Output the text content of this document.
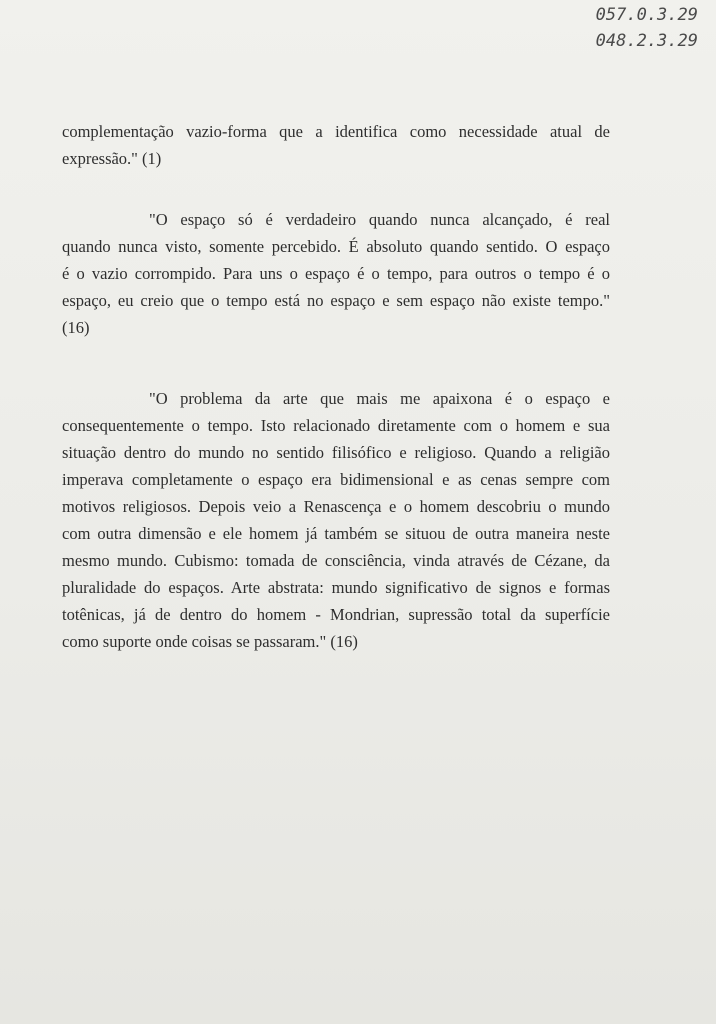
057.0.3.29
048.2.3.29
complementação vazio-forma que a identifica como necessidade atual de
expressão." (1)
"O espaço só é verdadeiro quando nunca alcançado, é real
quando nunca visto, somente percebido. É absoluto quando sentido. O espaço
é o vazio corrompido. Para uns o espaço é o tempo, para outros o tempo é o
espaço, eu creio que o tempo está no espaço e sem espaço não existe tempo."
(16)
"O problema da arte que mais me apaixona é o espaço e
consequentemente o tempo. Isto relacionado diretamente com o homem e sua
situação dentro do mundo no sentido filisófico e religioso. Quando a religião
imperava completamente o espaço era bidimensional e as cenas sempre com
motivos religiosos. Depois veio a Renascença e o homem descobriu o mundo
com outra dimensão e ele homem já também se situou de outra maneira neste
mesmo mundo. Cubismo: tomada de consciência, vinda através de Cézane, da
pluralidade do espaços. Arte abstrata: mundo significativo de signos e formas
totênicas, já de dentro do homem - Mondrian, supressão total da superfície
como suporte onde coisas se passaram." (16)
